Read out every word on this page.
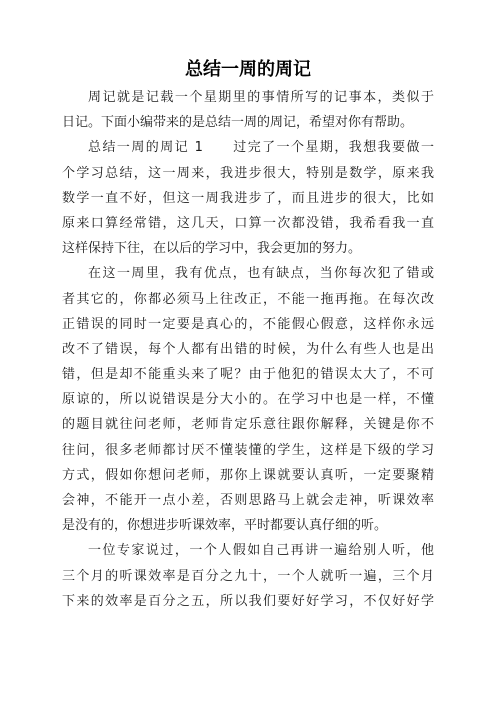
总结一周的周记
周记就是记载一个星期里的事情所写的记事本，类似于
日记。下面小编带来的是总结一周的周记，希望对你有帮助。
总结一周的周记 1　　过完了一个星期，我想我要做一
个学习总结，这一周来，我进步很大，特别是数学，原来我
数学一直不好，但这一周我进步了，而且进步的很大，比如
原来口算经常错，这几天，口算一次都没错，我希看我一直
这样保持下往，在以后的学习中，我会更加的努力。
在这一周里，我有优点，也有缺点，当你每次犯了错或
者其它的，你都必须马上往改正，不能一拖再拖。在每次改
正错误的同时一定要是真心的，不能假心假意，这样你永远
改不了错误，每个人都有出错的时候，为什么有些人也是出
错，但是却不能重头来了呢？由于他犯的错误太大了，不可
原谅的，所以说错误是分大小的。在学习中也是一样，不懂
的题目就往问老师，老师肯定乐意往跟你解释，关键是你不
往问，很多老师都讨厌不懂装懂的学生，这样是下级的学习
方式，假如你想问老师，那你上课就要认真听，一定要聚精
会神，不能开一点小差，否则思路马上就会走神，听课效率
是没有的，你想进步听课效率，平时都要认真仔细的听。
一位专家说过，一个人假如自己再讲一遍给别人听，他
三个月的听课效率是百分之九十，一个人就听一遍，三个月
下来的效率是百分之五，所以我们要好好学习，不仅好好学
